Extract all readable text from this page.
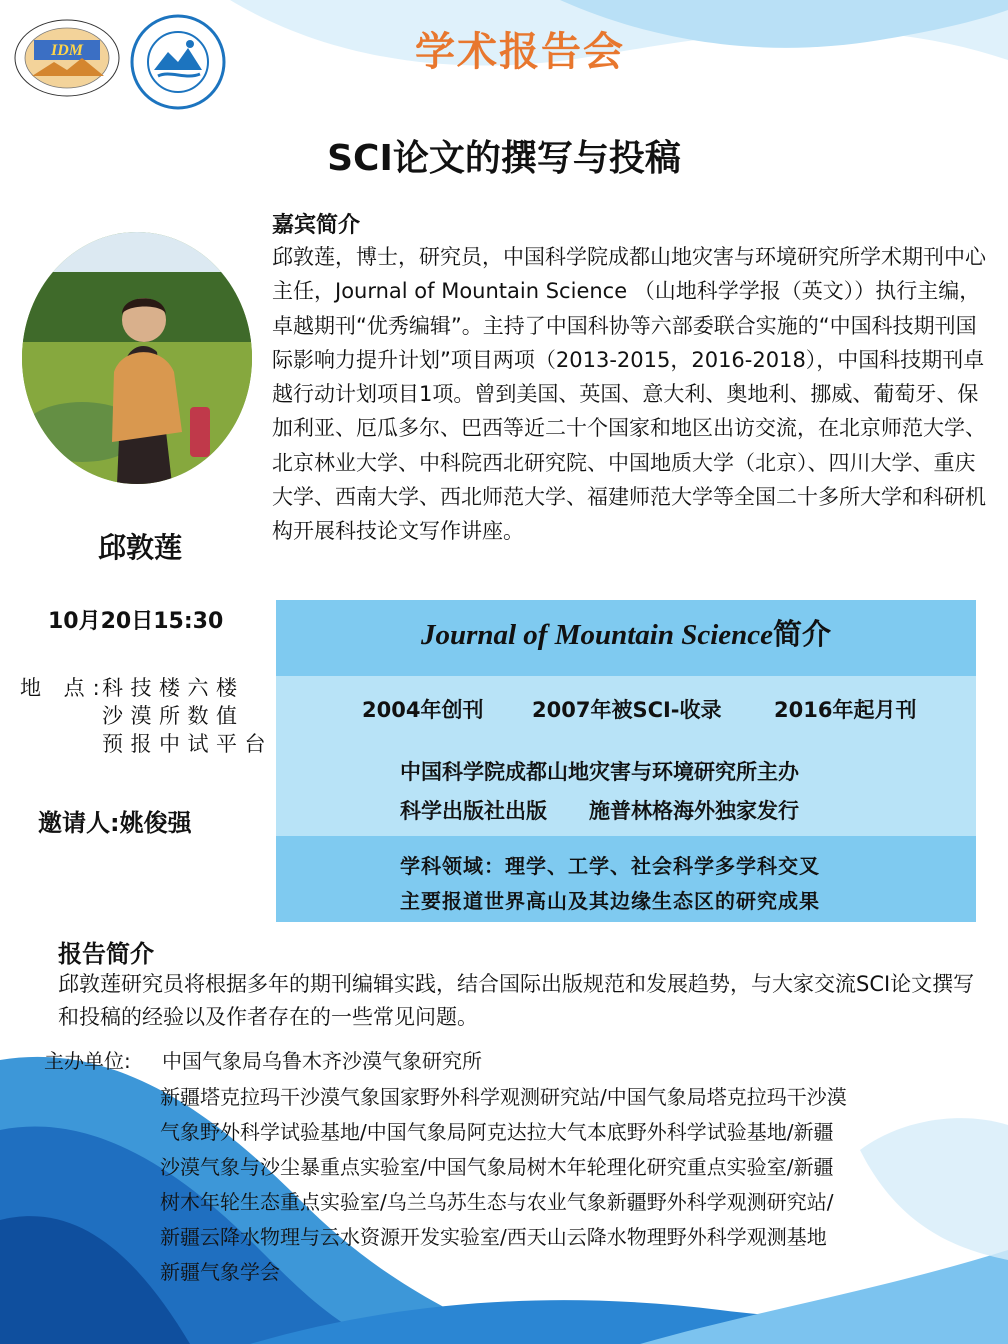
IDM	学术报告会
SCI论文的撰写与投稿
邱敦莲
嘉宾简介
邱敦莲，博士，研究员，中国科学院成都山地灾害与环境研究所学术期刊中心主任，Journal of Mountain Science （山地科学学报（英文））执行主编，卓越期刊“优秀编辑”。主持了中国科协等六部委联合实施的“中国科技期刊国际影响力提升计划”项目两项（2013-2015，2016-2018），中国科技期刊卓越行动计划项目1项。曾到美国、英国、意大利、奥地利、挪威、葡萄牙、保加利亚、厄瓜多尔、巴西等近二十个国家和地区出访交流，在北京师范大学、北京林业大学、中科院西北研究院、中国地质大学（北京）、四川大学、重庆大学、西南大学、西北师范大学、福建师范大学等全国二十多所大学和科研机构开展科技论文写作讲座。
10月20日15:30
地 点:
科技楼六楼
沙漠所数值
预报中试平台
邀请人:姚俊强
Journal of Mountain Science简介
2004年创刊 2007年被SCI-收录 2016年起月刊
中国科学院成都山地灾害与环境研究所主办
科学出版社出版　　施普林格海外独家发行
学科领域：理学、工学、社会科学多学科交叉
主要报道世界高山及其边缘生态区的研究成果
报告简介
邱敦莲研究员将根据多年的期刊编辑实践，结合国际出版规范和发展趋势，与大家交流SCI论文撰写和投稿的经验以及作者存在的一些常见问题。
主办单位: 中国气象局乌鲁木齐沙漠气象研究所
新疆塔克拉玛干沙漠气象国家野外科学观测研究站/中国气象局塔克拉玛干沙漠
气象野外科学试验基地/中国气象局阿克达拉大气本底野外科学试验基地/新疆
沙漠气象与沙尘暴重点实验室/中国气象局树木年轮理化研究重点实验室/新疆
树木年轮生态重点实验室/乌兰乌苏生态与农业气象新疆野外科学观测研究站/
新疆云降水物理与云水资源开发实验室/西天山云降水物理野外科学观测基地
新疆气象学会
